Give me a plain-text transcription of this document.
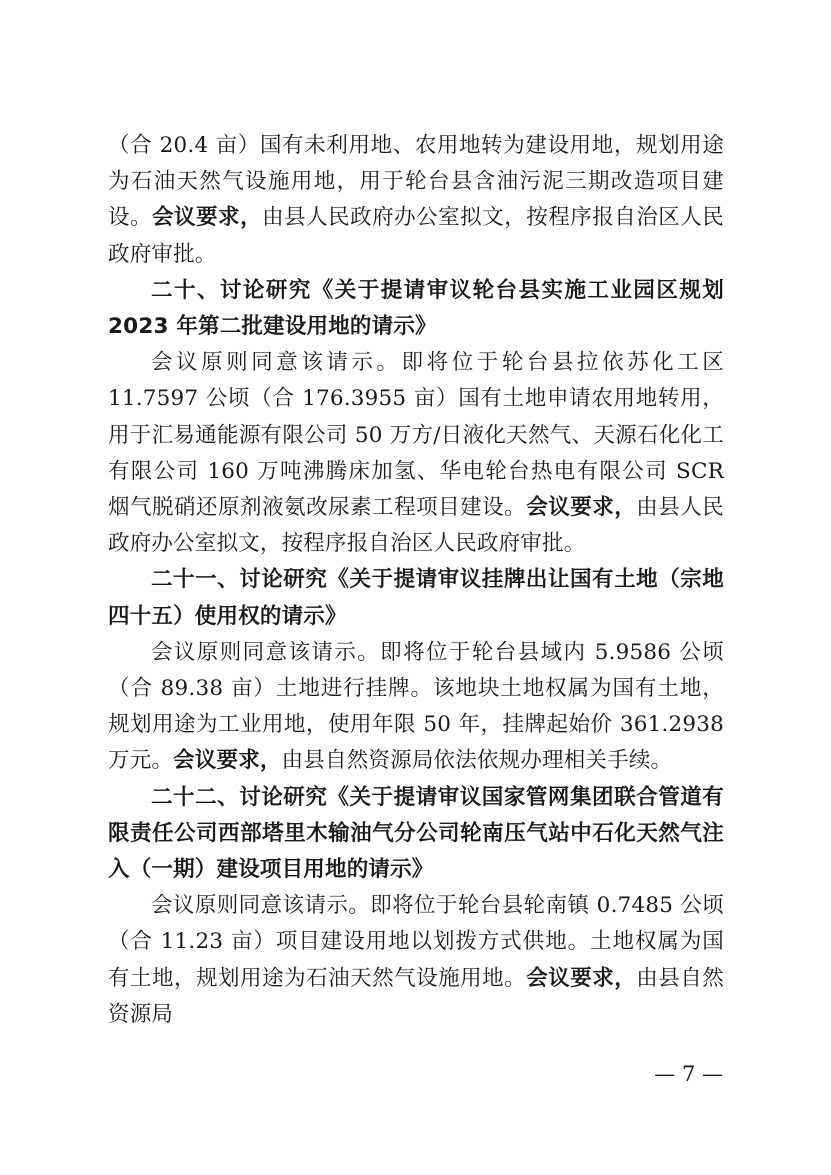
（合 20.4 亩）国有未利用地、农用地转为建设用地，规划用途为石油天然气设施用地，用于轮台县含油污泥三期改造项目建设。会议要求，由县人民政府办公室拟文，按程序报自治区人民政府审批。

二十、讨论研究《关于提请审议轮台县实施工业园区规划 2023 年第二批建设用地的请示》

会议原则同意该请示。即将位于轮台县拉依苏化工区 11.7597 公顷（合 176.3955 亩）国有土地申请农用地转用，用于汇易通能源有限公司 50 万方/日液化天然气、天源石化化工有限公司 160 万吨沸腾床加氢、华电轮台热电有限公司 SCR 烟气脱硝还原剂液氨改尿素工程项目建设。会议要求，由县人民政府办公室拟文，按程序报自治区人民政府审批。

二十一、讨论研究《关于提请审议挂牌出让国有土地（宗地四十五）使用权的请示》

会议原则同意该请示。即将位于轮台县域内 5.9586 公顷（合 89.38 亩）土地进行挂牌。该地块土地权属为国有土地，规划用途为工业用地，使用年限 50 年，挂牌起始价 361.2938 万元。会议要求，由县自然资源局依法依规办理相关手续。

二十二、讨论研究《关于提请审议国家管网集团联合管道有限责任公司西部塔里木输油气分公司轮南压气站中石化天然气注入（一期）建设项目用地的请示》

会议原则同意该请示。即将位于轮台县轮南镇 0.7485 公顷（合 11.23 亩）项目建设用地以划拨方式供地。土地权属为国有土地，规划用途为石油天然气设施用地。会议要求，由县自然资源局

— 7 —
